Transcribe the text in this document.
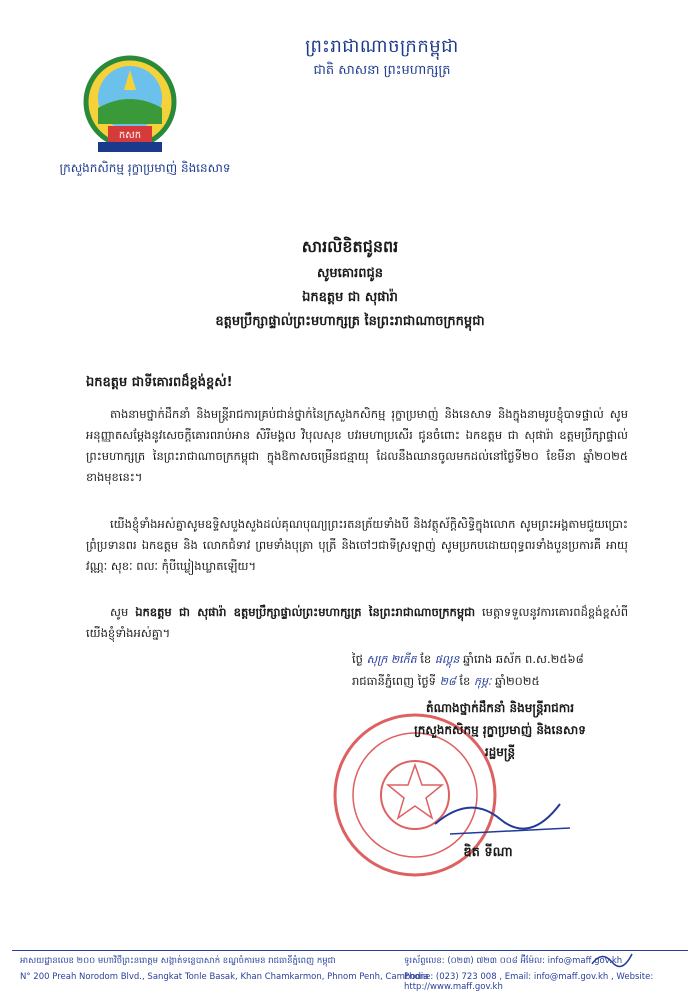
កសក
ក្រសួងកសិកម្ម រុក្ខាប្រមាញ់ និងនេសាទ
ព្រះរាជាណាចក្រកម្ពុជា
ជាតិ សាសនា ព្រះមហាក្សត្រ
សារលិខិតជូនពរ
សូមគោរពជូន
ឯកឧត្តម ជា សុផារ៉ា
ឧត្តមប្រឹក្សាផ្ទាល់ព្រះមហាក្សត្រ នៃព្រះរាជាណាចក្រកម្ពុជា
ឯកឧត្តម ជាទីគោរពដ៏ខ្ពង់ខ្ពស់!
តាងនាមថ្នាក់ដឹកនាំ និងមន្ត្រីរាជការគ្រប់ជាន់ថ្នាក់នៃក្រសួងកសិកម្ម រុក្ខាប្រមាញ់ និងនេសាទ និងក្នុងនាមរូបខ្ញុំបាទផ្ទាល់ សូមអនុញ្ញាតសម្តែងនូវសេចក្តីគោរពរាប់អាន សិរីមង្គល វិបុលសុខ បវរមហាប្រសើរ ជូនចំពោះ ឯកឧត្តម ជា សុផារ៉ា ឧត្តមប្រឹក្សាផ្ទាល់ព្រះមហាក្សត្រ នៃព្រះរាជាណាចក្រកម្ពុជា ក្នុងឱកាសចម្រើនជន្មាយុ ដែលនឹងឈានចូលមកដល់នៅថ្ងៃទី២០ ខែមីនា ឆ្នាំ២០២៥ ខាងមុខនេះ។
យើងខ្ញុំទាំងអស់គ្នាសូមឧទ្ទិសបួងសួងដល់គុណបុណ្យព្រះរតនត្រ័យទាំងបី និងវត្ថុស័ក្តិសិទ្ធិក្នុងលោក សូមព្រះអង្គតាមជួយប្រោះព្រំប្រទានពរ ឯកឧត្តម និង លោកជំទាវ ព្រមទាំងបុត្រា បុត្រី និងចៅៗជាទីស្រឡាញ់ សូមប្រកបដោយពុទ្ធពរទាំងបួនប្រការគឺ អាយុ វណ្ណៈ សុខៈ ពលៈ កុំបីឃ្លៀងឃ្លាតឡើយ។
សូម ឯកឧត្តម ជា សុផារ៉ា ឧត្តមប្រឹក្សាផ្ទាល់ព្រះមហាក្សត្រ នៃព្រះរាជាណាចក្រកម្ពុជា មេត្តាទទួលនូវការគោរពដ៏ខ្ពង់ខ្ពស់ពីយើងខ្ញុំទាំងអស់គ្នា។
ថ្ងៃ សុក្រ ២កើត ខែ ផល្គុន ឆ្នាំរោង ឆស័ក ព.ស.២៥៦៨
រាជធានីភ្នំពេញ ថ្ងៃទី ២៨ ខែ កុម្ភៈ ឆ្នាំ២០២៥
តំណាងថ្នាក់ដឹកនាំ និងមន្ត្រីរាជការ
ក្រសួងកសិកម្ម រុក្ខាប្រមាញ់ និងនេសាទ
រដ្ឋមន្ត្រី
ឌិត ទីណា
អាសយដ្ឋានលេខ ២០០ មហាវិថីព្រះនរោត្តម សង្កាត់ទន្លេបាសាក់ ខណ្ឌចំការមន រាជធានីភ្នំពេញ កម្ពុជា
N° 200 Preah Norodom Blvd., Sangkat Tonle Basak, Khan Chamkarmon, Phnom Penh, Cambodia
ទូរស័ព្ទលេខ: (០២៣) ៧២៣ ០០៨ អ៊ីម៉ែល: info@maff.gov.kh
Phone: (023) 723 008 , Email: info@maff.gov.kh , Website: http://www.maff.gov.kh
